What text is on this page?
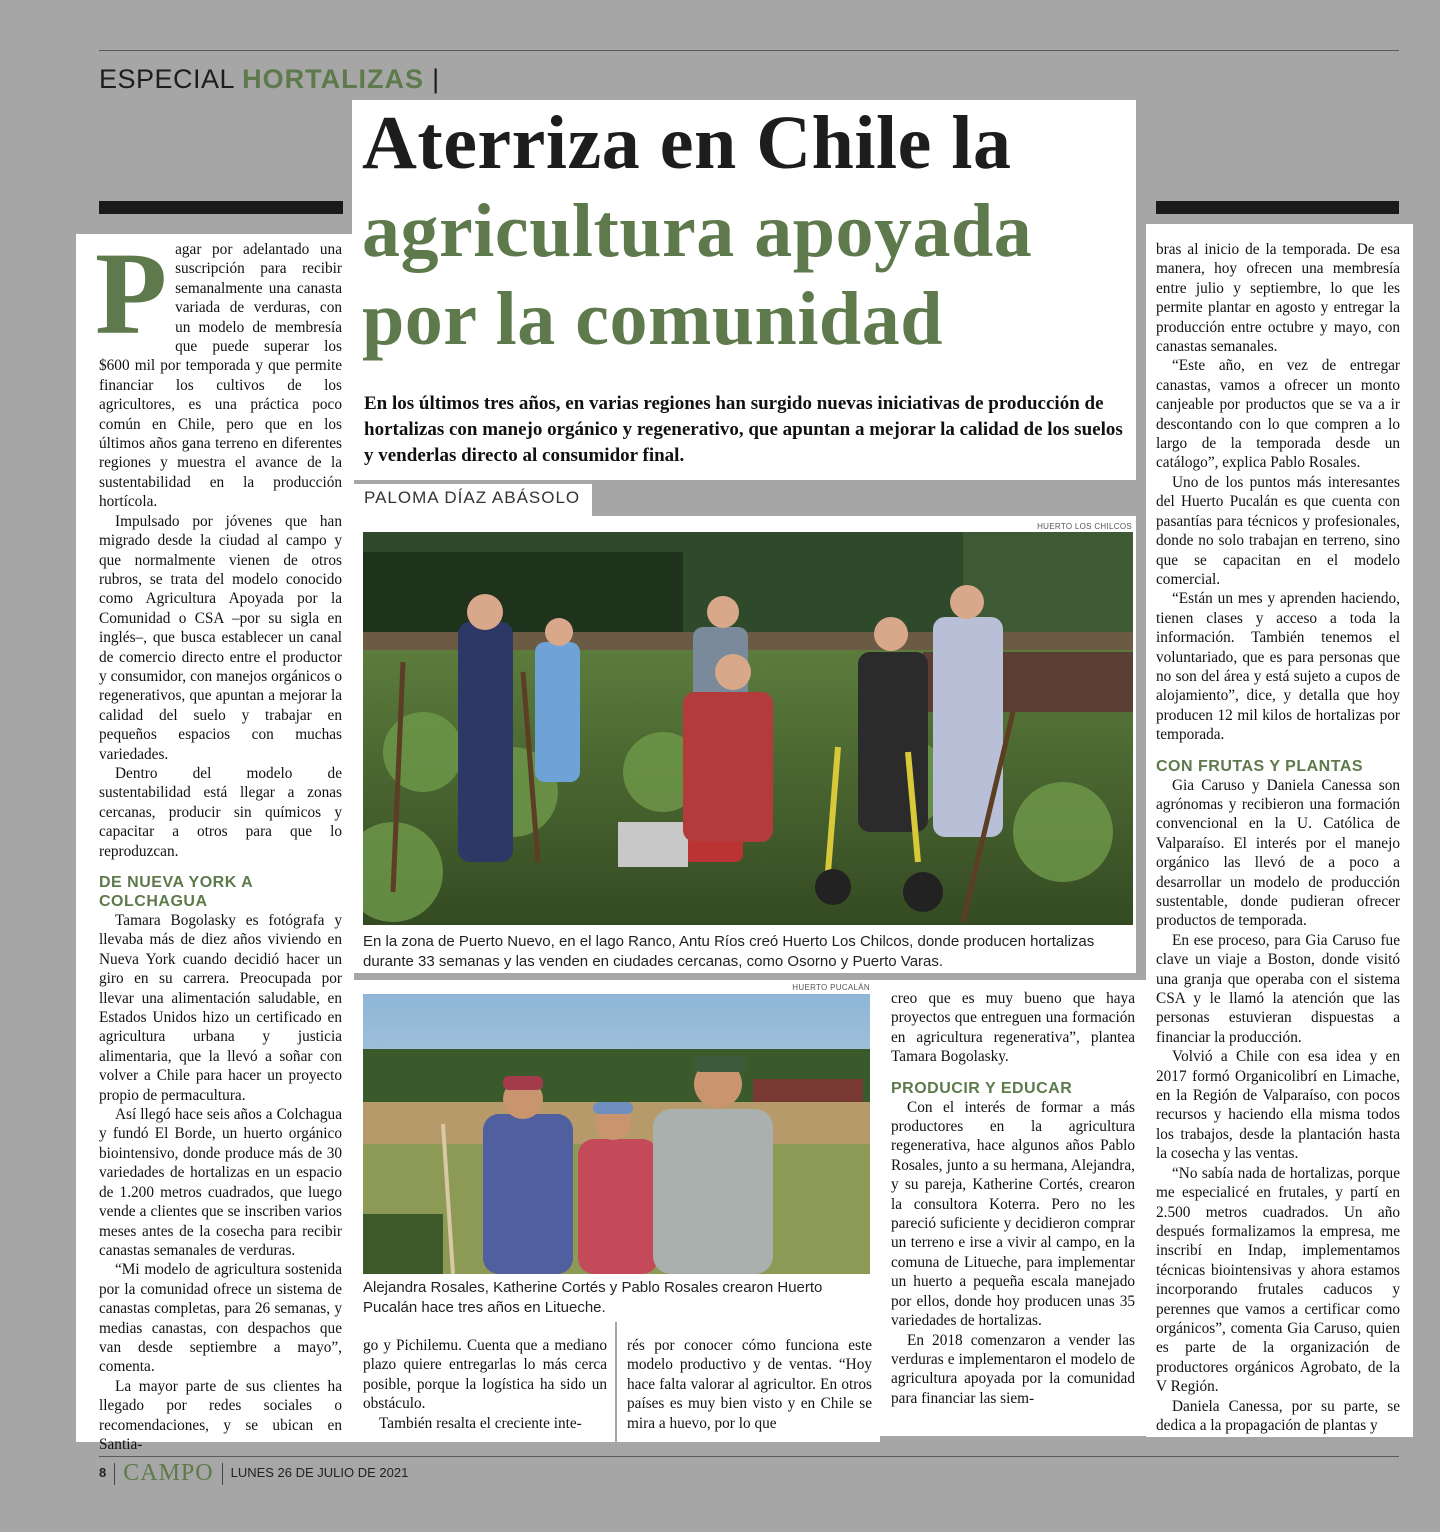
ESPECIAL HORTALIZAS |
Aterriza en Chile la
agricultura apoyada
por la comunidad

En los últimos tres años, en varias regiones han surgido nuevas iniciativas de producción de hortalizas con manejo orgánico y regenerativo, que apuntan a mejorar la calidad de los suelos y venderlas directo al consumidor final.

PALOMA DÍAZ ABÁSOLO
P agar por adelantado una suscripción para recibir semanalmente una canasta variada de verduras, con un modelo de membresía que puede superar los $600 mil por temporada y que permite financiar los cultivos de los agricultores, es una práctica poco común en Chile, pero que en los últimos años gana terreno en diferentes regiones y muestra el avance de la sustentabilidad en la producción hortícola.

Impulsado por jóvenes que han migrado desde la ciudad al campo y que normalmente vienen de otros rubros, se trata del modelo conocido como Agricultura Apoyada por la Comunidad o CSA –por su sigla en inglés–, que busca establecer un canal de comercio directo entre el productor y consumidor, con manejos orgánicos o regenerativos, que apuntan a mejorar la calidad del suelo y trabajar en pequeños espacios con muchas variedades.

Dentro del modelo de sustentabilidad está llegar a zonas cercanas, producir sin químicos y capacitar a otros para que lo reproduzcan.

DE NUEVA YORK A COLCHAGUA

Tamara Bogolasky es fotógrafa y llevaba más de diez años viviendo en Nueva York cuando decidió hacer un giro en su carrera. Preocupada por llevar una alimentación saludable, en Estados Unidos hizo un certificado en agricultura urbana y justicia alimentaria, que la llevó a soñar con volver a Chile para hacer un proyecto propio de permacultura.

Así llegó hace seis años a Colchagua y fundó El Borde, un huerto orgánico biointensivo, donde produce más de 30 variedades de hortalizas en un espacio de 1.200 metros cuadrados, que luego vende a clientes que se inscriben varios meses antes de la cosecha para recibir canastas semanales de verduras.

“Mi modelo de agricultura sostenida por la comunidad ofrece un sistema de canastas completas, para 26 semanas, y medias canastas, con despachos que van desde septiembre a mayo”, comenta.

La mayor parte de sus clientes ha llegado por redes sociales o recomendaciones, y se ubican en Santia-

HUERTO LOS CHILCOS
En la zona de Puerto Nuevo, en el lago Ranco, Antu Ríos creó Huerto Los Chilcos, donde producen hortalizas durante 33 semanas y las venden en ciudades cercanas, como Osorno y Puerto Varas.
HUERTO PUCALÁN
Alejandra Rosales, Katherine Cortés y Pablo Rosales crearon Huerto Pucalán hace tres años en Litueche.

go y Pichilemu. Cuenta que a mediano plazo quiere entregarlas lo más cerca posible, porque la logística ha sido un obstáculo.

También resalta el creciente inte-

rés por conocer cómo funciona este modelo productivo y de ventas. “Hoy hace falta valorar al agricultor. En otros países es muy bien visto y en Chile se mira a huevo, por lo que

creo que es muy bueno que haya proyectos que entreguen una formación en agricultura regenerativa”, plantea Tamara Bogolasky.

PRODUCIR Y EDUCAR

Con el interés de formar a más productores en la agricultura regenerativa, hace algunos años Pablo Rosales, junto a su hermana, Alejandra, y su pareja, Katherine Cortés, crearon la consultora Koterra. Pero no les pareció suficiente y decidieron comprar un terreno e irse a vivir al campo, en la comuna de Litueche, para implementar un huerto a pequeña escala manejado por ellos, donde hoy producen unas 35 variedades de hortalizas.

En 2018 comenzaron a vender las verduras e implementaron el modelo de agricultura apoyada por la comunidad para financiar las siem-

bras al inicio de la temporada. De esa manera, hoy ofrecen una membresía entre julio y septiembre, lo que les permite plantar en agosto y entregar la producción entre octubre y mayo, con canastas semanales.

“Este año, en vez de entregar canastas, vamos a ofrecer un monto canjeable por productos que se va a ir descontando con lo que compren a lo largo de la temporada desde un catálogo”, explica Pablo Rosales.

Uno de los puntos más interesantes del Huerto Pucalán es que cuenta con pasantías para técnicos y profesionales, donde no solo trabajan en terreno, sino que se capacitan en el modelo comercial.

“Están un mes y aprenden haciendo, tienen clases y acceso a toda la información. También tenemos el voluntariado, que es para personas que no son del área y está sujeto a cupos de alojamiento”, dice, y detalla que hoy producen 12 mil kilos de hortalizas por temporada.

CON FRUTAS Y PLANTAS

Gia Caruso y Daniela Canessa son agrónomas y recibieron una formación convencional en la U. Católica de Valparaíso. El interés por el manejo orgánico las llevó de a poco a desarrollar un modelo de producción sustentable, donde pudieran ofrecer productos de temporada.

En ese proceso, para Gia Caruso fue clave un viaje a Boston, donde visitó una granja que operaba con el sistema CSA y le llamó la atención que las personas estuvieran dispuestas a financiar la producción.

Volvió a Chile con esa idea y en 2017 formó Organicolibrí en Limache, en la Región de Valparaíso, con pocos recursos y haciendo ella misma todos los trabajos, desde la plantación hasta la cosecha y las ventas.

“No sabía nada de hortalizas, porque me especialicé en frutales, y partí en 2.500 metros cuadrados. Un año después formalizamos la empresa, me inscribí en Indap, implementamos técnicas biointensivas y ahora estamos incorporando frutales caducos y perennes que vamos a certificar como orgánicos”, comenta Gia Caruso, quien es parte de la organización de productores orgánicos Agrobato, de la V Región.

Daniela Canessa, por su parte, se dedica a la propagación de plantas y

8 CAMPO LUNES 26 DE JULIO DE 2021
